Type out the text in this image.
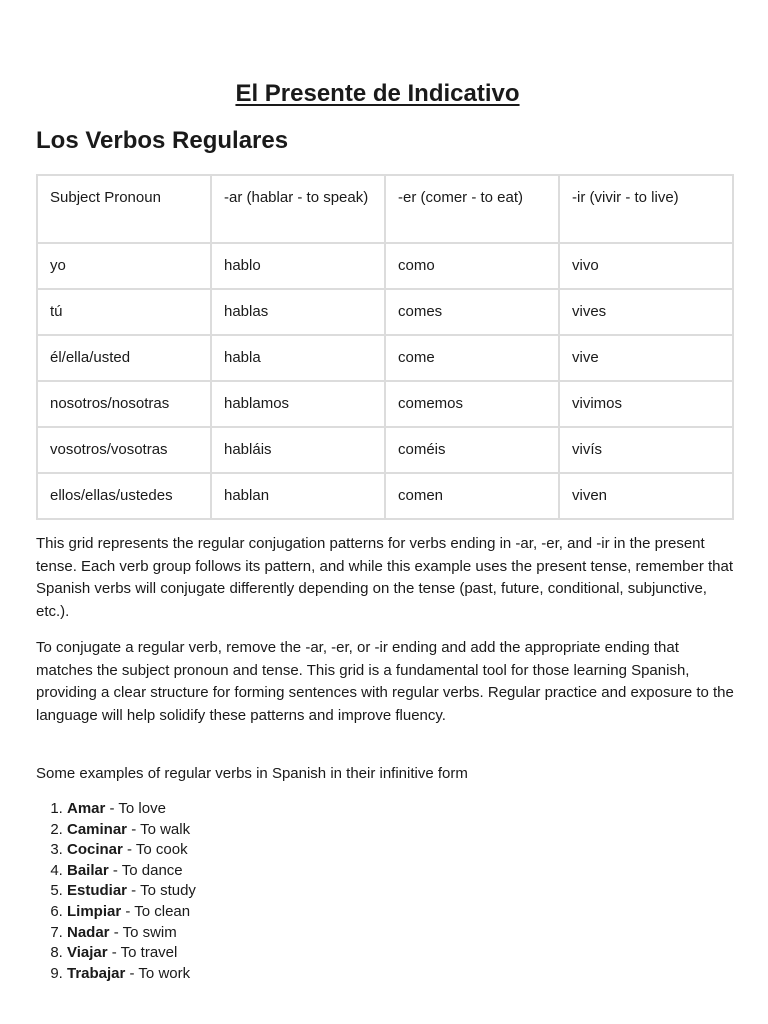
El Presente de Indicativo
Los Verbos Regulares
Subject Pronoun	-ar (hablar - to speak)	-er (comer - to eat)	-ir (vivir - to live)
yo	hablo	como	vivo
tú	hablas	comes	vives
él/ella/usted	habla	come	vive
nosotros/nosotras	hablamos	comemos	vivimos
vosotros/vosotras	habláis	coméis	vivís
ellos/ellas/ustedes	hablan	comen	viven

This grid represents the regular conjugation patterns for verbs ending in -ar, -er, and -ir in the present tense. Each verb group follows its pattern, and while this example uses the present tense, remember that Spanish verbs will conjugate differently depending on the tense (past, future, conditional, subjunctive, etc.).

To conjugate a regular verb, remove the -ar, -er, or -ir ending and add the appropriate ending that matches the subject pronoun and tense. This grid is a fundamental tool for those learning Spanish, providing a clear structure for forming sentences with regular verbs. Regular practice and exposure to the language will help solidify these patterns and improve fluency.

Some examples of regular verbs in Spanish in their infinitive form

1. Amar - To love
2. Caminar - To walk
3. Cocinar - To cook
4. Bailar - To dance
5. Estudiar - To study
6. Limpiar - To clean
7. Nadar - To swim
8. Viajar - To travel
9. Trabajar - To work
